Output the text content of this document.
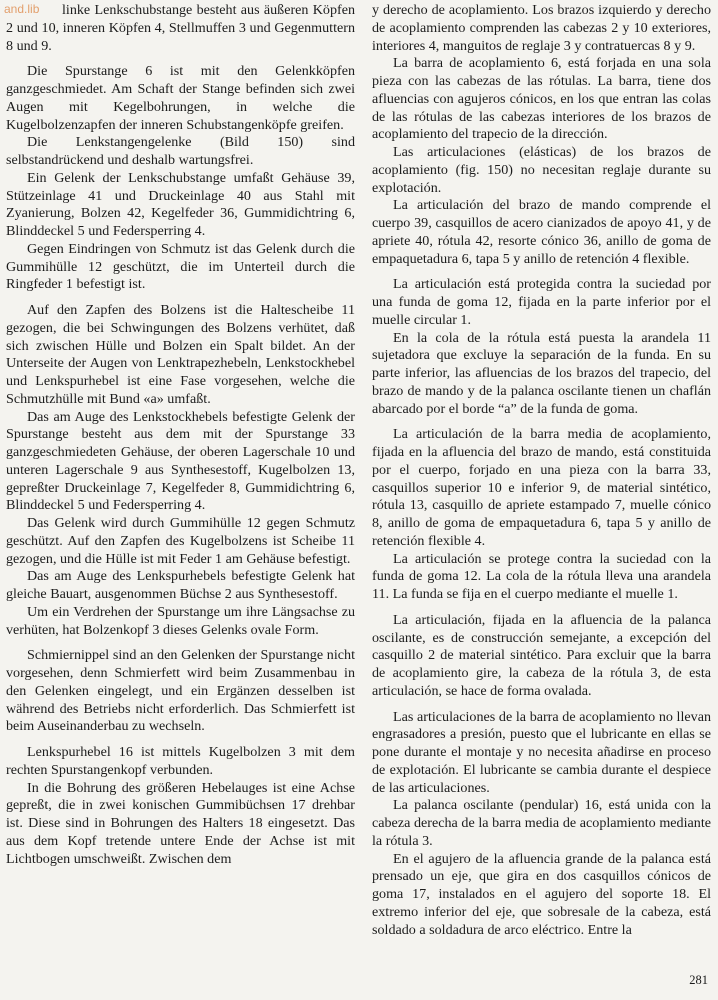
and.lib	linke Lenkschubstange besteht aus äußeren Köpfen 2 und 10, inneren Köpfen 4, Stellmuffen 3 und Gegenmuttern 8 und 9.

Die Spurstange 6 ist mit den Gelenkköpfen ganzgeschmiedet. Am Schaft der Stange befinden sich zwei Augen mit Kegelbohrungen, in welche die Kugelbolzenzapfen der inneren Schubstangenköpfe greifen.

Die Lenkstangengelenke (Bild 150) sind selbstandrückend und deshalb wartungsfrei.

Ein Gelenk der Lenkschubstange umfaßt Gehäuse 39, Stützeinlage 41 und Druckeinlage 40 aus Stahl mit Zyanierung, Bolzen 42, Kegelfeder 36, Gummidichtring 6, Blinddeckel 5 und Federsperring 4.

Gegen Eindringen von Schmutz ist das Gelenk durch die Gummihülle 12 geschützt, die im Unterteil durch die Ringfeder 1 befestigt ist.

Auf den Zapfen des Bolzens ist die Haltescheibe 11 gezogen, die bei Schwingungen des Bolzens verhütet, daß sich zwischen Hülle und Bolzen ein Spalt bildet. An der Unterseite der Augen von Lenktrapezhebeln, Lenkstockhebel und Lenkspurhebel ist eine Fase vorgesehen, welche die Schmutzhülle mit Bund «a» umfaßt.

Das am Auge des Lenkstockhebels befestigte Gelenk der Spurstange besteht aus dem mit der Spurstange 33 ganzgeschmiedeten Gehäuse, der oberen Lagerschale 10 und unteren Lagerschale 9 aus Synthesestoff, Kugelbolzen 13, gepreßter Druckeinlage 7, Kegelfeder 8, Gummidichtring 6, Blinddeckel 5 und Federsperring 4.

Das Gelenk wird durch Gummihülle 12 gegen Schmutz geschützt. Auf den Zapfen des Kugelbolzens ist Scheibe 11 gezogen, und die Hülle ist mit Feder 1 am Gehäuse befestigt.

Das am Auge des Lenkspurhebels befestigte Gelenk hat gleiche Bauart, ausgenommen Büchse 2 aus Synthesestoff.

Um ein Verdrehen der Spurstange um ihre Längsachse zu verhüten, hat Bolzenkopf 3 dieses Gelenks ovale Form.

Schmiernippel sind an den Gelenken der Spurstange nicht vorgesehen, denn Schmierfett wird beim Zusammenbau in den Gelenken eingelegt, und ein Ergänzen desselben ist während des Betriebs nicht erforderlich. Das Schmierfett ist beim Auseinanderbau zu wechseln.

Lenkspurhebel 16 ist mittels Kugelbolzen 3 mit dem rechten Spurstangenkopf verbunden.

In die Bohrung des größeren Hebelauges ist eine Achse gepreßt, die in zwei konischen Gummibüchsen 17 drehbar ist. Diese sind in Bohrungen des Halters 18 eingesetzt. Das aus dem Kopf tretende untere Ende der Achse ist mit Lichtbogen umschweißt. Zwischen dem

y derecho de acoplamiento. Los brazos izquierdo y derecho de acoplamiento comprenden las cabezas 2 y 10 exteriores, interiores 4, manguitos de reglaje 3 y contratuercas 8 y 9.

La barra de acoplamiento 6, está forjada en una sola pieza con las cabezas de las rótulas. La barra, tiene dos afluencias con agujeros cónicos, en los que entran las colas de las rótulas de las cabezas interiores de los brazos de acoplamiento del trapecio de la dirección.

Las articulaciones (elásticas) de los brazos de acoplamiento (fig. 150) no necesitan reglaje durante su explotación.

La articulación del brazo de mando comprende el cuerpo 39, casquillos de acero cianizados de apoyo 41, y de apriete 40, rótula 42, resorte cónico 36, anillo de goma de empaquetadura 6, tapa 5 y anillo de retención 4 flexible.

La articulación está protegida contra la suciedad por una funda de goma 12, fijada en la parte inferior por el muelle circular 1.

En la cola de la rótula está puesta la arandela 11 sujetadora que excluye la separación de la funda. En su parte inferior, las afluencias de los brazos del trapecio, del brazo de mando y de la palanca oscilante tienen un chaflán abarcado por el borde “a” de la funda de goma.

La articulación de la barra media de acoplamiento, fijada en la afluencia del brazo de mando, está constituida por el cuerpo, forjado en una pieza con la barra 33, casquillos superior 10 e inferior 9, de material sintético, rótula 13, casquillo de apriete estampado 7, muelle cónico 8, anillo de goma de empaquetadura 6, tapa 5 y anillo de retención flexible 4.

La articulación se protege contra la suciedad con la funda de goma 12. La cola de la rótula lleva una arandela 11. La funda se fija en el cuerpo mediante el muelle 1.

La articulación, fijada en la afluencia de la palanca oscilante, es de construcción semejante, a excepción del casquillo 2 de material sintético. Para excluir que la barra de acoplamiento gire, la cabeza de la rótula 3, de esta articulación, se hace de forma ovalada.

Las articulaciones de la barra de acoplamiento no llevan engrasadores a presión, puesto que el lubricante en ellas se pone durante el montaje y no necesita añadirse en proceso de explotación. El lubricante se cambia durante el despiece de las articulaciones.

La palanca oscilante (pendular) 16, está unida con la cabeza derecha de la barra media de acoplamiento mediante la rótula 3.

En el agujero de la afluencia grande de la palanca está prensado un eje, que gira en dos casquillos cónicos de goma 17, instalados en el agujero del soporte 18. El extremo inferior del eje, que sobresale de la cabeza, está soldado a soldadura de arco eléctrico. Entre la

281
